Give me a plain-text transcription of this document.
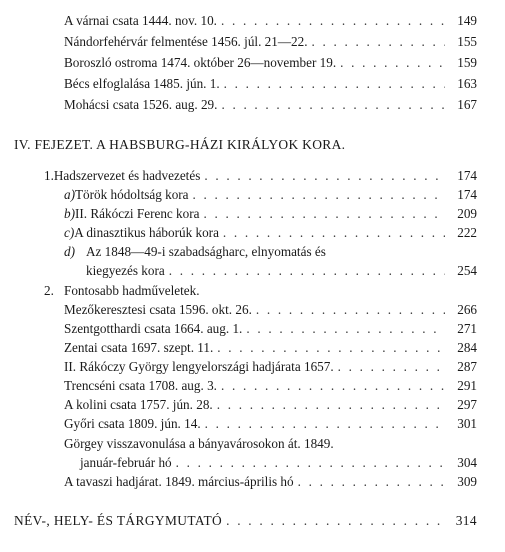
A várnai csata 1444. nov. 10. . . .	149
Nándorfehérvár felmentése 1456. júl. 21—22. . . .	155
Boroszló ostroma 1474. október 26—november 19. . . .	159
Bécs elfoglalása 1485. jún. 1. . . .	163
Mohácsi csata 1526. aug. 29. . . .	167
IV. FEJEZET. A HABSBURG-HÁZI KIRÁLYOK KORA.
1. Hadszervezet és hadvezetés . . .	174
a) Török hódoltság kora . . .	174
b) II. Rákóczi Ferenc kora . . .	209
c) A dinasztikus háborúk kora . . .	222
d) Az 1848—49-i szabadságharc, elnyomatás és
kiegyezés kora . . .	254
2. Fontosabb hadműveletek.
Mezőkeresztesi csata 1596. okt. 26. . . .	266
Szentgotthardi csata 1664. aug. 1. . . .	271
Zentai csata 1697. szept. 11. . . .	284
II. Rákóczy György lengyelországi hadjárata 1657. . . .	287
Trencséni csata 1708. aug. 3. . . .	291
A kolini csata 1757. jún. 28. . . .	297
Győri csata 1809. jún. 14. . . .	301
Görgey visszavonulása a bányavárosokon át. 1849.
január-február hó . . .	304
A tavaszi hadjárat. 1849. március-április hó . . .	309
NÉV-, HELY- ÉS TÁRGYMUTATÓ . . .	314
